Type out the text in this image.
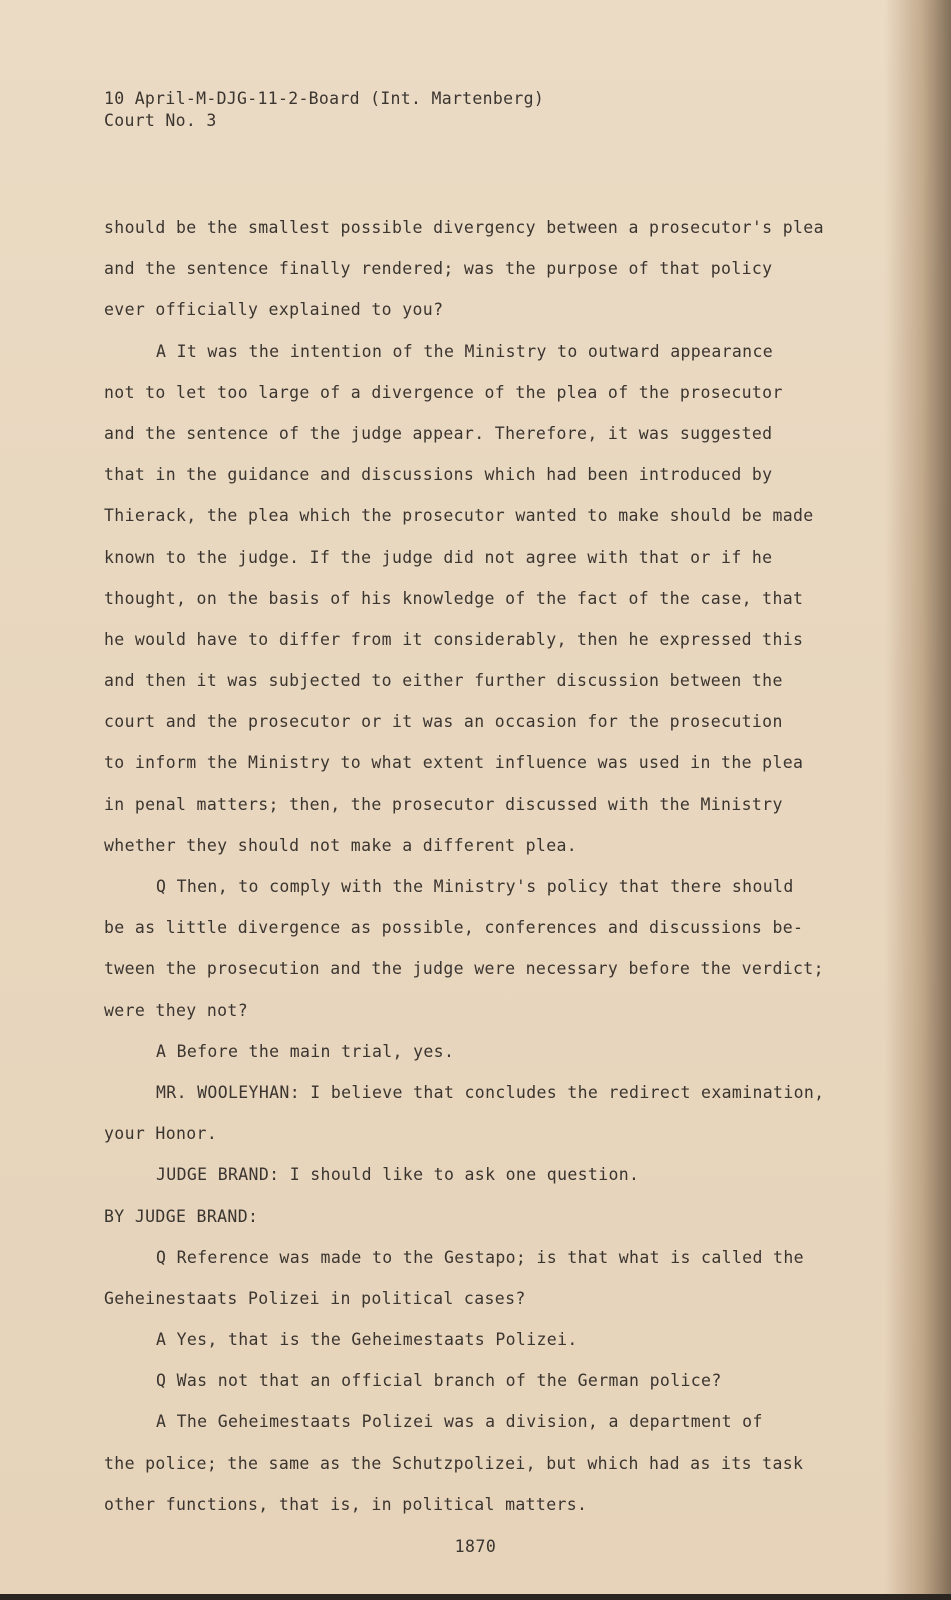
10 April-M-DJG-11-2-Board (Int. Martenberg)
Court No. 3
should be the smallest possible divergency between a prosecutor's plea
and the sentence finally rendered; was the purpose of that policy
ever officially explained to you?
A It was the intention of the Ministry to outward appearance
not to let too large of a divergence of the plea of the prosecutor
and the sentence of the judge appear. Therefore, it was suggested
that in the guidance and discussions which had been introduced by
Thierack, the plea which the prosecutor wanted to make should be made
known to the judge. If the judge did not agree with that or if he
thought, on the basis of his knowledge of the fact of the case, that
he would have to differ from it considerably, then he expressed this
and then it was subjected to either further discussion between the
court and the prosecutor or it was an occasion for the prosecution
to inform the Ministry to what extent influence was used in the plea
in penal matters; then, the prosecutor discussed with the Ministry
whether they should not make a different plea.
Q Then, to comply with the Ministry's policy that there should
be as little divergence as possible, conferences and discussions be-
tween the prosecution and the judge were necessary before the verdict;
were they not?
A Before the main trial, yes.
MR. WOOLEYHAN: I believe that concludes the redirect examination,
your Honor.
JUDGE BRAND: I should like to ask one question.
BY JUDGE BRAND:
Q Reference was made to the Gestapo; is that what is called the
Geheinestaats Polizei in political cases?
A Yes, that is the Geheimestaats Polizei.
Q Was not that an official branch of the German police?
A The Geheimestaats Polizei was a division, a department of
the police; the same as the Schutzpolizei, but which had as its task
other functions, that is, in political matters.
1870
